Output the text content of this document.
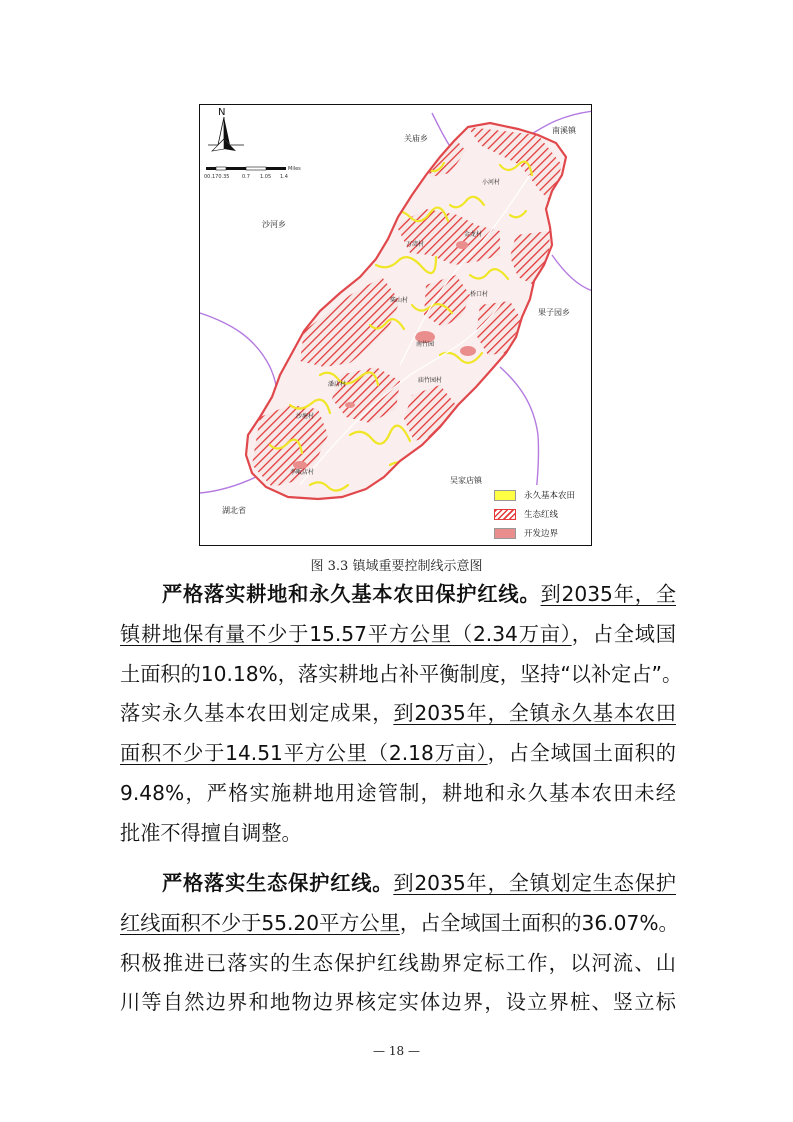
N
Miles
00.170.35	0.7 1.05 1.4
关庙乡
南溪镇
沙河乡
果子园乡
吴家店镇
湖北省
小河村
金龙村
万湾村
桥口村
柴山村
南竹园
庙竹园村
潘店村
沙塘村
李畈店村
永久基本农田
生态红线
开发边界
图 3.3 镇域重要控制线示意图

严格落实耕地和永久基本农田保护红线。到2035年，全

镇耕地保有量不少于15.57平方公里（2.34万亩），占全域国

土面积的10.18%，落实耕地占补平衡制度，坚持“以补定占”。

落实永久基本农田划定成果，到2035年，全镇永久基本农田

面积不少于14.51平方公里（2.18万亩），占全域国土面积的

9.48%，严格实施耕地用途管制，耕地和永久基本农田未经

批准不得擅自调整。

严格落实生态保护红线。到2035年，全镇划定生态保护

红线面积不少于55.20平方公里，占全域国土面积的36.07%。

积极推进已落实的生态保护红线勘界定标工作，以河流、山

川等自然边界和地物边界核定实体边界，设立界桩、竖立标

— 18 —
